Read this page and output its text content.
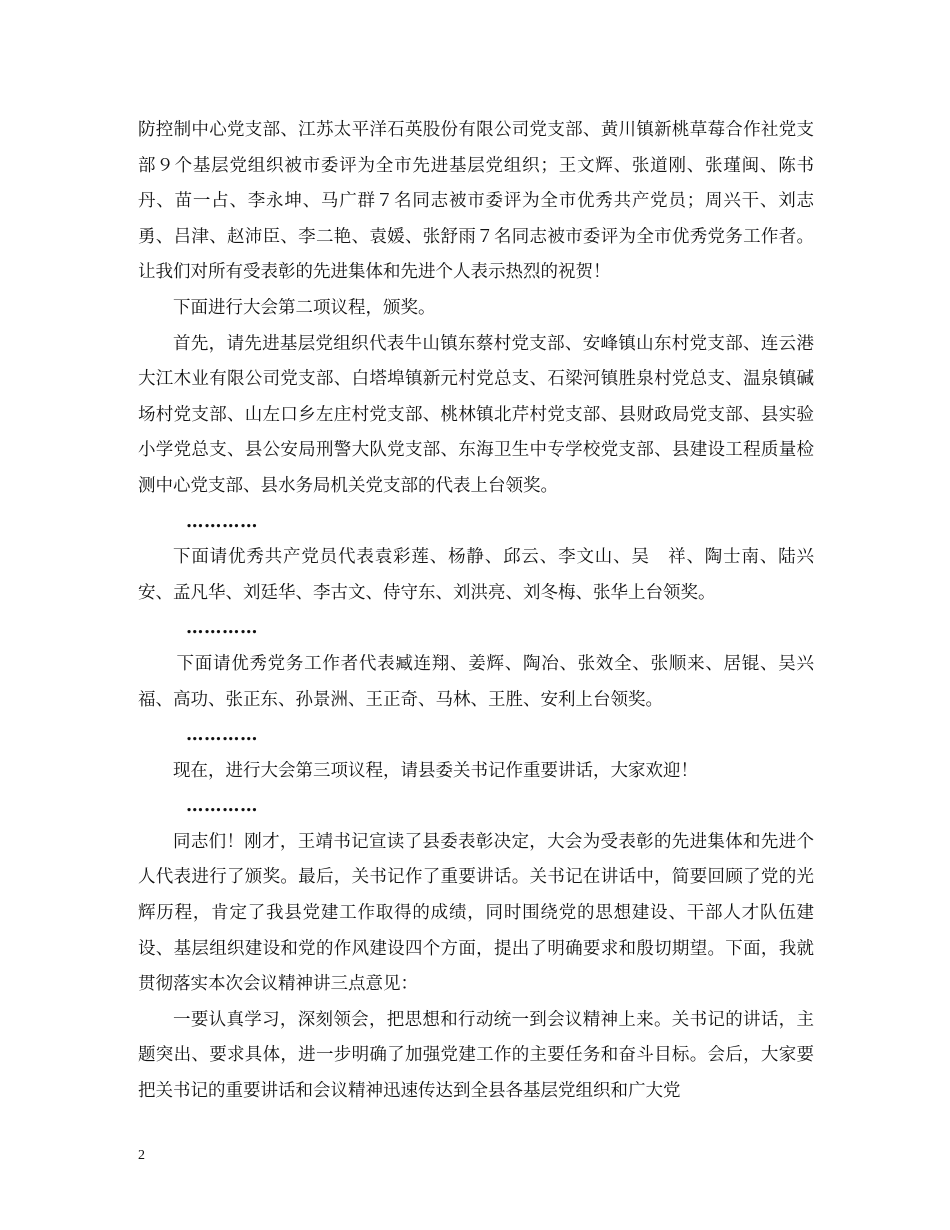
防控制中心党支部、江苏太平洋石英股份有限公司党支部、黄川镇新桃草莓合作社党支部９个基层党组织被市委评为全市先进基层党组织；王文辉、张道刚、张瑾闽、陈书丹、苗一占、李永坤、马广群７名同志被市委评为全市优秀共产党员；周兴干、刘志勇、吕津、赵沛臣、李二艳、袁媛、张舒雨７名同志被市委评为全市优秀党务工作者。让我们对所有受表彰的先进集体和先进个人表示热烈的祝贺！

下面进行大会第二项议程，颁奖。

首先，请先进基层党组织代表牛山镇东蔡村党支部、安峰镇山东村党支部、连云港大江木业有限公司党支部、白塔埠镇新元村党总支、石梁河镇胜泉村党总支、温泉镇碱场村党支部、山左口乡左庄村党支部、桃林镇北芹村党支部、县财政局党支部、县实验小学党总支、县公安局刑警大队党支部、东海卫生中专学校党支部、县建设工程质量检测中心党支部、县水务局机关党支部的代表上台领奖。

…………

下面请优秀共产党员代表袁彩莲、杨静、邱云、李文山、吴　祥、陶士南、陆兴安、孟凡华、刘廷华、李古文、侍守东、刘洪亮、刘冬梅、张华上台领奖。

…………

下面请优秀党务工作者代表臧连翔、姜辉、陶冶、张效全、张顺来、居锟、吴兴福、高功、张正东、孙景洲、王正奇、马林、王胜、安利上台领奖。

…………

现在，进行大会第三项议程，请县委关书记作重要讲话，大家欢迎！

…………

同志们！刚才，王靖书记宣读了县委表彰决定，大会为受表彰的先进集体和先进个人代表进行了颁奖。最后，关书记作了重要讲话。关书记在讲话中，简要回顾了党的光辉历程，肯定了我县党建工作取得的成绩，同时围绕党的思想建设、干部人才队伍建设、基层组织建设和党的作风建设四个方面，提出了明确要求和殷切期望。下面，我就贯彻落实本次会议精神讲三点意见：

一要认真学习，深刻领会，把思想和行动统一到会议精神上来。关书记的讲话，主题突出、要求具体，进一步明确了加强党建工作的主要任务和奋斗目标。会后，大家要把关书记的重要讲话和会议精神迅速传达到全县各基层党组织和广大党

2
